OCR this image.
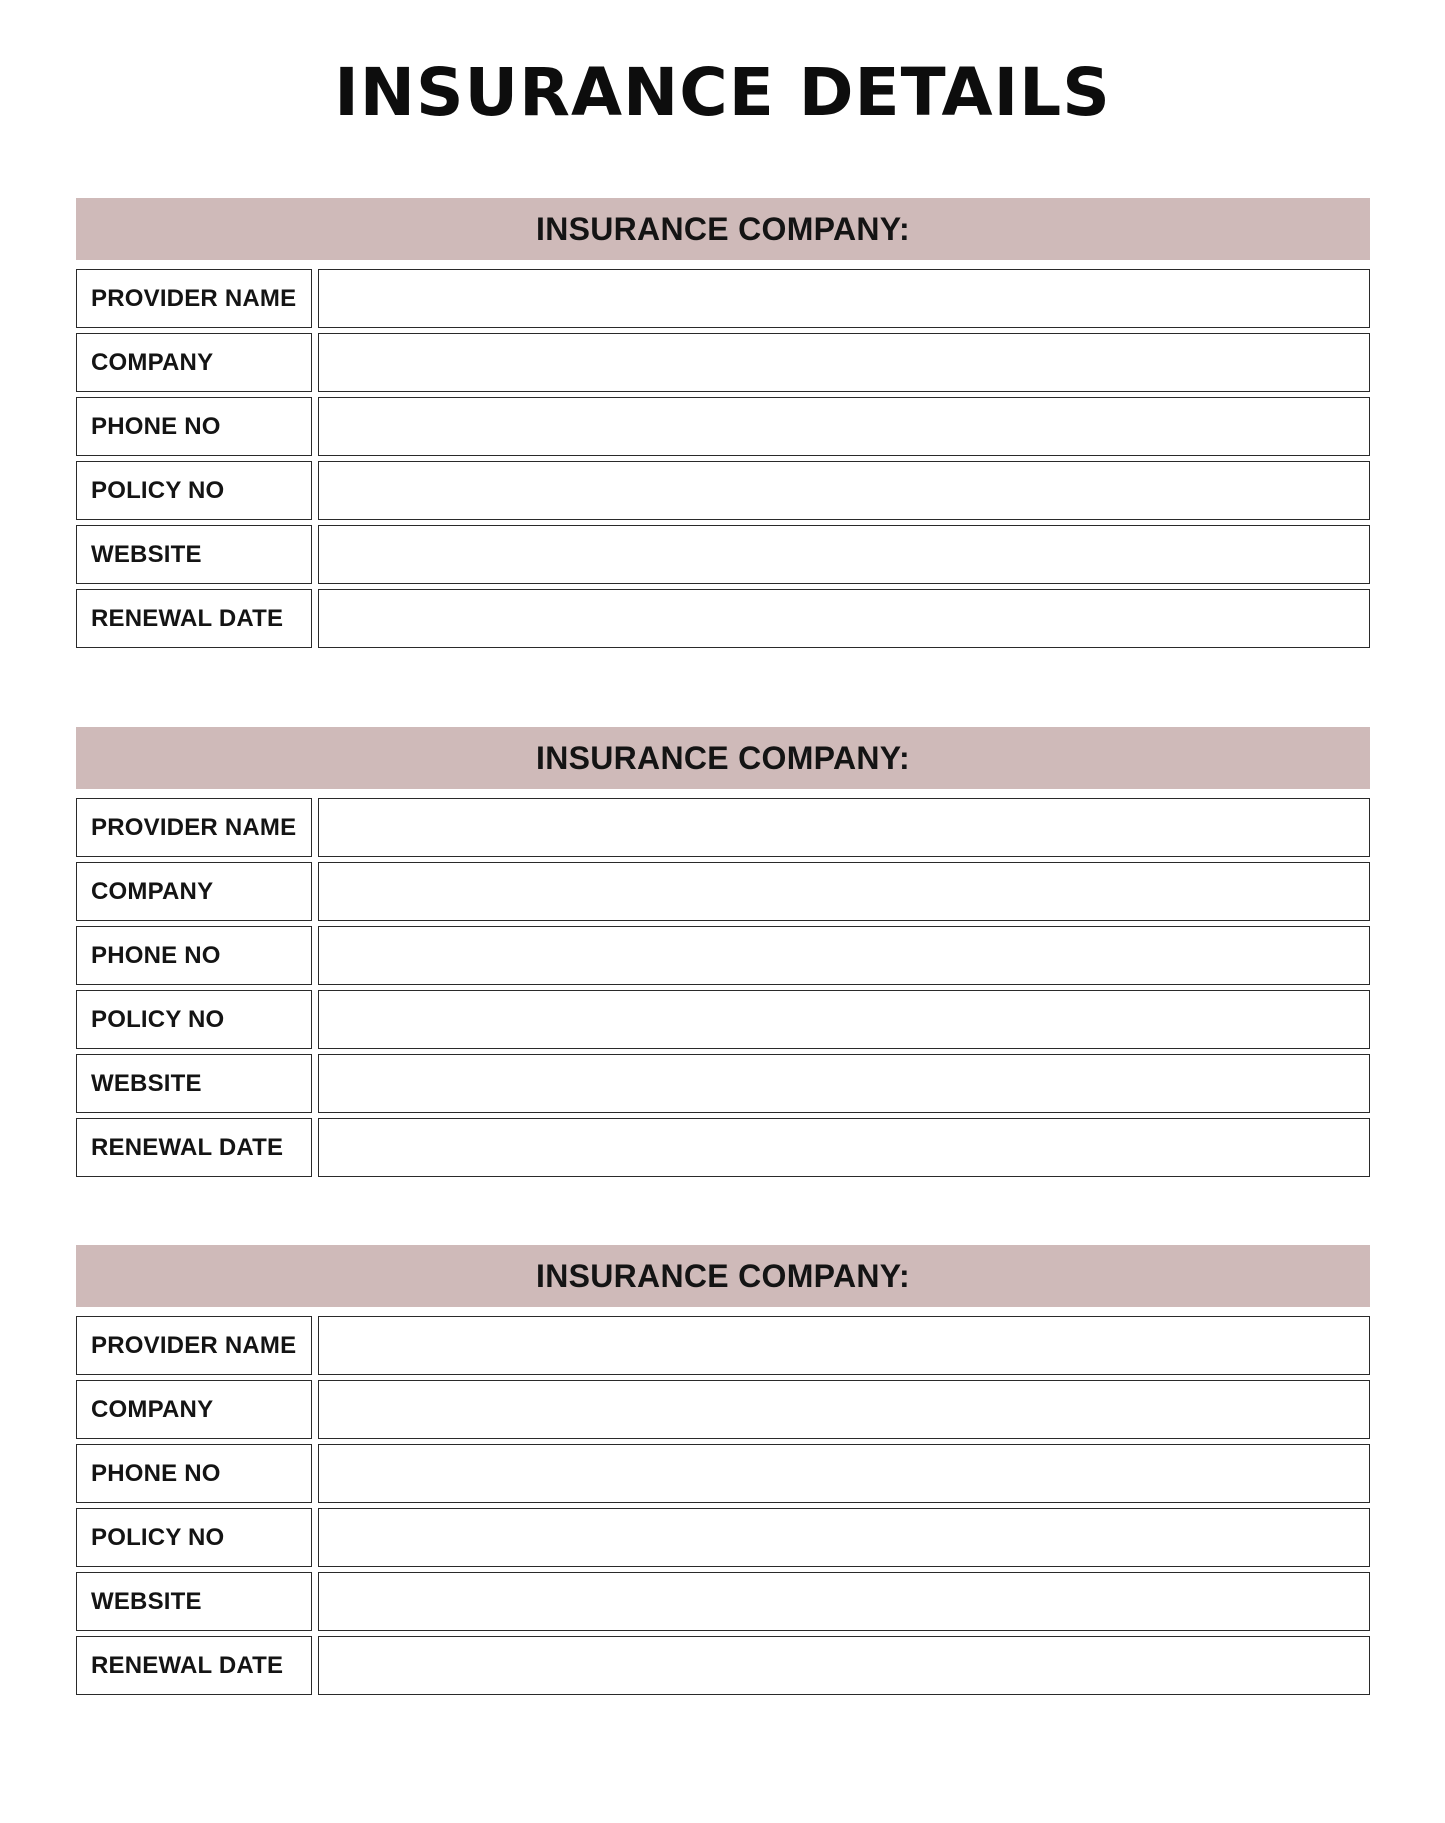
INSURANCE DETAILS
INSURANCE COMPANY:
PROVIDER NAME
COMPANY
PHONE NO
POLICY NO
WEBSITE
RENEWAL DATE
INSURANCE COMPANY:
PROVIDER NAME
COMPANY
PHONE NO
POLICY NO
WEBSITE
RENEWAL DATE
INSURANCE COMPANY:
PROVIDER NAME
COMPANY
PHONE NO
POLICY NO
WEBSITE
RENEWAL DATE
